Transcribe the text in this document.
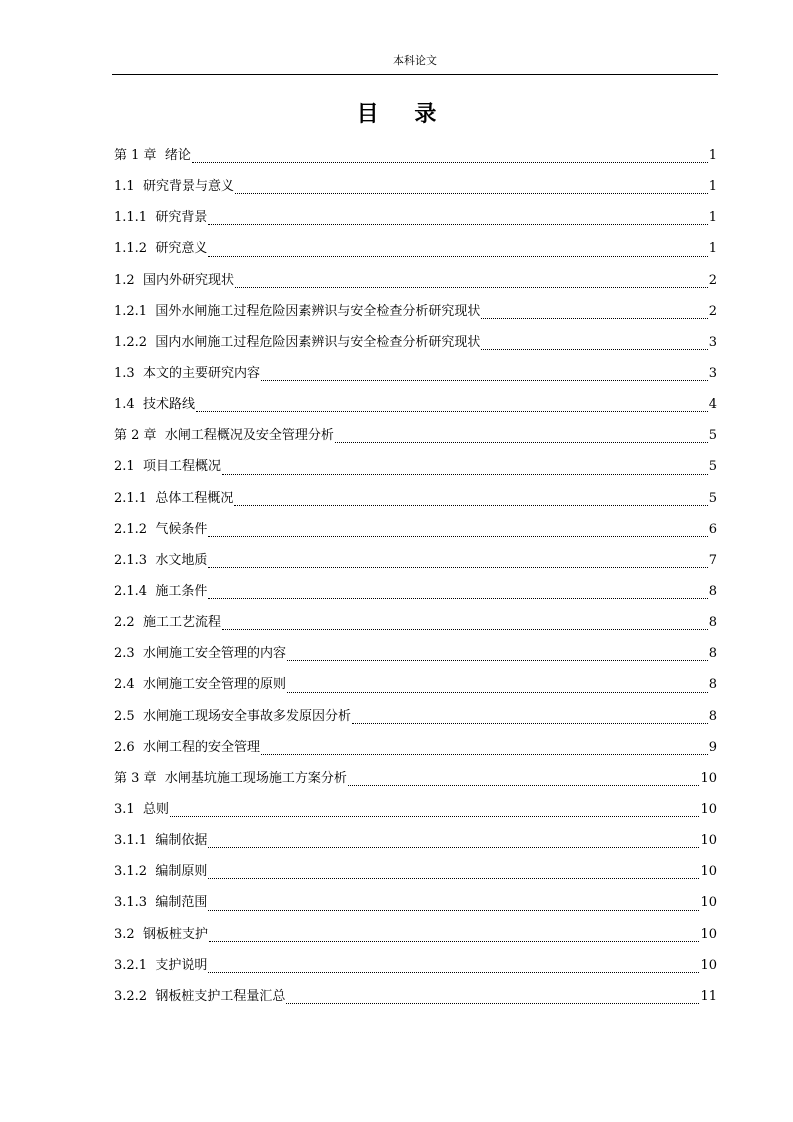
本科论文
目 录
第 1 章 绪论	1
1.1 研究背景与意义	1
1.1.1 研究背景	1
1.1.2 研究意义	1
1.2 国内外研究现状	2
1.2.1 国外水闸施工过程危险因素辨识与安全检查分析研究现状	2
1.2.2 国内水闸施工过程危险因素辨识与安全检查分析研究现状	3
1.3 本文的主要研究内容	3
1.4 技术路线	4
第 2 章 水闸工程概况及安全管理分析	5
2.1 项目工程概况	5
2.1.1 总体工程概况	5
2.1.2 气候条件	6
2.1.3 水文地质	7
2.1.4 施工条件	8
2.2 施工工艺流程	8
2.3 水闸施工安全管理的内容	8
2.4 水闸施工安全管理的原则	8
2.5 水闸施工现场安全事故多发原因分析	8
2.6 水闸工程的安全管理	9
第 3 章 水闸基坑施工现场施工方案分析	10
3.1 总则	10
3.1.1 编制依据	10
3.1.2 编制原则	10
3.1.3 编制范围	10
3.2 钢板桩支护	10
3.2.1 支护说明	10
3.2.2 钢板桩支护工程量汇总	11
